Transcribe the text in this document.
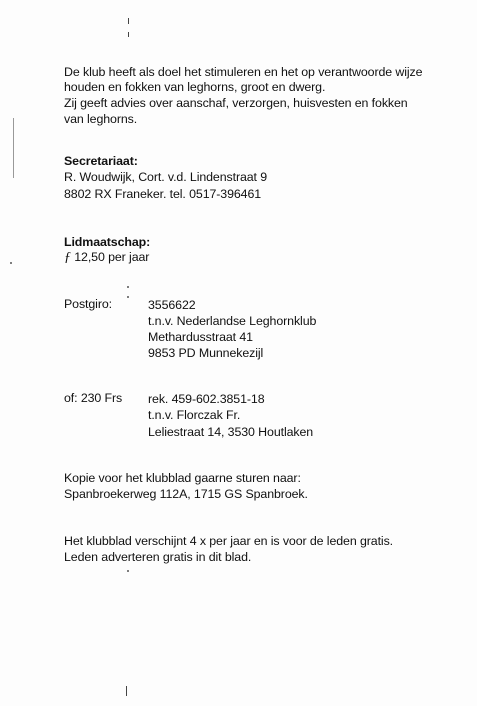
De klub heeft als doel het stimuleren en het op verantwoorde wijze

houden en fokken van leghorns, groot en dwerg.

Zij geeft advies over aanschaf, verzorgen, huisvesten en fokken

van leghorns.

Secretariaat:

R. Woudwijk, Cort. v.d. Lindenstraat 9

8802 RX Franeker. tel. 0517-396461

Lidmaatschap:

ƒ 12,50 per jaar

Postgiro:	3556622

t.n.v. Nederlandse Leghornklub

Methardusstraat 41

9853 PD Munnekezijl

of: 230 Frs rek. 459-602.3851-18

t.n.v. Florczak Fr.

Leliestraat 14, 3530 Houtlaken

Kopie voor het klubblad gaarne sturen naar:

Spanbroekerweg 112A, 1715 GS Spanbroek.

Het klubblad verschijnt 4 x per jaar en is voor de leden gratis.

Leden adverteren gratis in dit blad.
